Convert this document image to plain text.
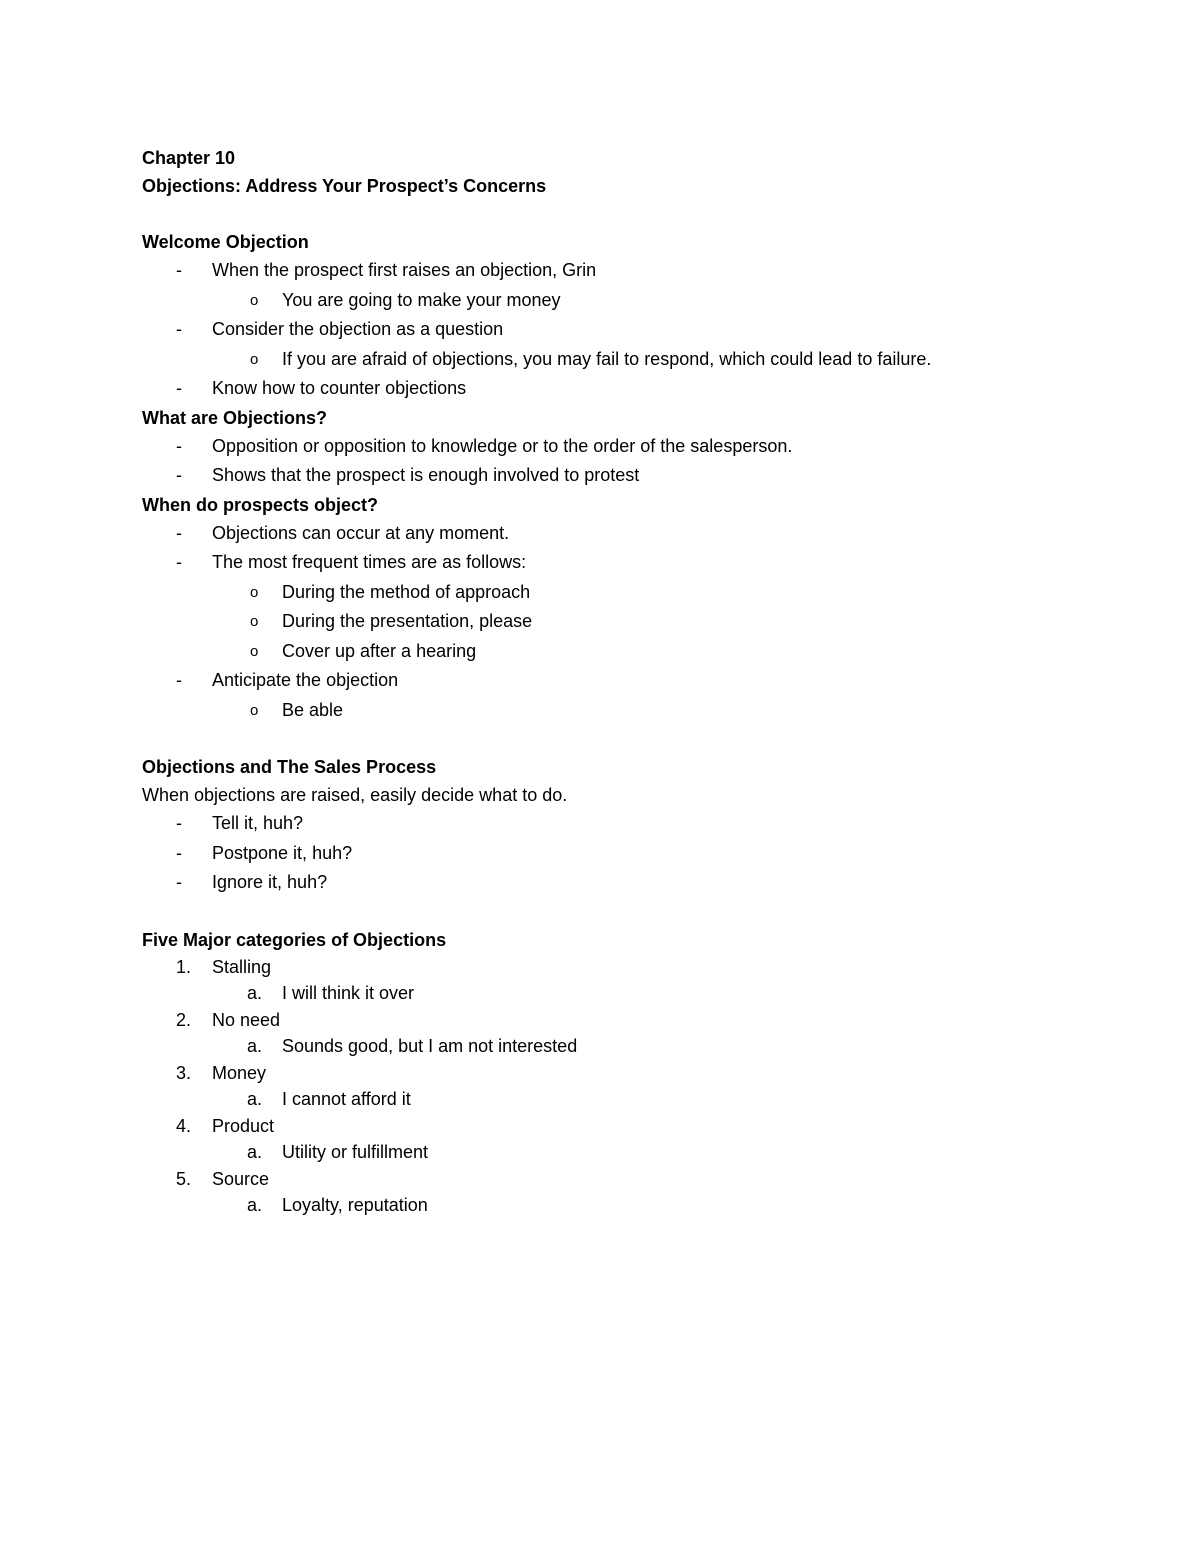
Chapter 10
Objections: Address Your Prospect’s Concerns
Welcome Objection
- When the prospect first raises an objection, Grin
o You are going to make your money
- Consider the objection as a question
o If you are afraid of objections, you may fail to respond, which could lead to failure.
- Know how to counter objections
What are Objections?
- Opposition or opposition to knowledge or to the order of the salesperson.
- Shows that the prospect is enough involved to protest
When do prospects object?
- Objections can occur at any moment.
- The most frequent times are as follows:
o During the method of approach
o During the presentation, please
o Cover up after a hearing
- Anticipate the objection
o Be able
Objections and The Sales Process
When objections are raised, easily decide what to do.
- Tell it, huh?
- Postpone it, huh?
- Ignore it, huh?
Five Major categories of Objections
1. Stalling
a. I will think it over
2. No need
a. Sounds good, but I am not interested
3. Money
a. I cannot afford it
4. Product
a. Utility or fulfillment
5. Source
a. Loyalty, reputation
